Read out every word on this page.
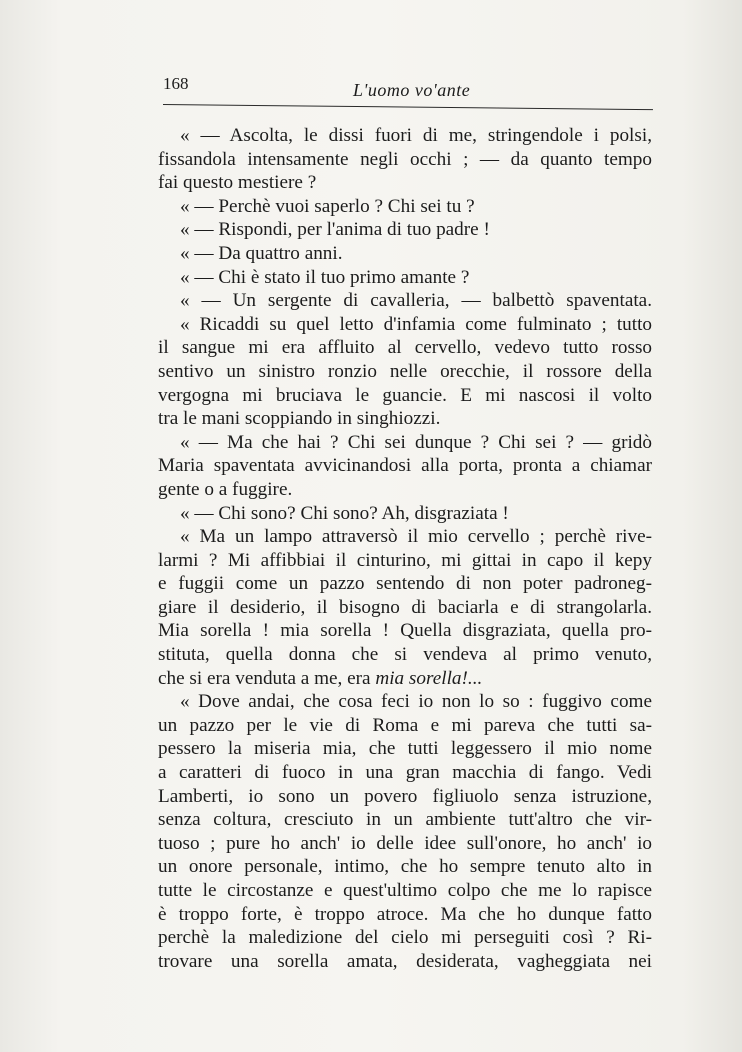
168	L'uomo vo'ante
« — Ascolta, le dissi fuori di me, stringendole i polsi,
fissandola intensamente negli occhi ; — da quanto tempo
fai questo mestiere ?
« — Perchè vuoi saperlo ? Chi sei tu ?
« — Rispondi, per l'anima di tuo padre !
« — Da quattro anni.
« — Chi è stato il tuo primo amante ?
« — Un sergente di cavalleria, — balbettò spaventata.
« Ricaddi su quel letto d'infamia come fulminato ; tutto
il sangue mi era affluito al cervello, vedevo tutto rosso
sentivo un sinistro ronzio nelle orecchie, il rossore della
vergogna mi bruciava le guancie. E mi nascosi il volto
tra le mani scoppiando in singhiozzi.
« — Ma che hai ? Chi sei dunque ? Chi sei ? — gridò
Maria spaventata avvicinandosi alla porta, pronta a chiamar
gente o a fuggire.
« — Chi sono? Chi sono? Ah, disgraziata !
« Ma un lampo attraversò il mio cervello ; perchè rive-
larmi ? Mi affibbiai il cinturino, mi gittai in capo il kepy
e fuggii come un pazzo sentendo di non poter padroneg-
giare il desiderio, il bisogno di baciarla e di strangolarla.
Mia sorella ! mia sorella ! Quella disgraziata, quella pro-
stituta, quella donna che si vendeva al primo venuto,
che si era venduta a me, era mia sorella!...
« Dove andai, che cosa feci io non lo so : fuggivo come
un pazzo per le vie di Roma e mi pareva che tutti sa-
pessero la miseria mia, che tutti leggessero il mio nome
a caratteri di fuoco in una gran macchia di fango. Vedi
Lamberti, io sono un povero figliuolo senza istruzione,
senza coltura, cresciuto in un ambiente tutt'altro che vir-
tuoso ; pure ho anch' io delle idee sull'onore, ho anch' io
un onore personale, intimo, che ho sempre tenuto alto in
tutte le circostanze e quest'ultimo colpo che me lo rapisce
è troppo forte, è troppo atroce. Ma che ho dunque fatto
perchè la maledizione del cielo mi perseguiti così ? Ri-
trovare una sorella amata, desiderata, vagheggiata nei
